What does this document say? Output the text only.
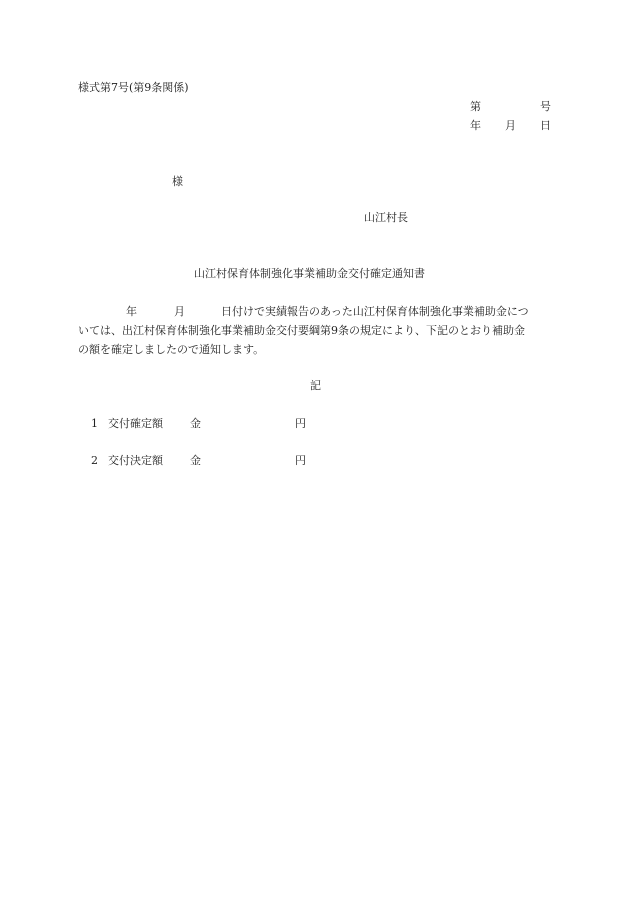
様式第7号(第9条関係)
第	号
年 月 日
様
山江村長
山江村保育体制強化事業補助金交付確定通知書
年	月	日付けで実績報告のあった山江村保育体制強化事業補助金につ
いては、出江村保育体制強化事業補助金交付要綱第9条の規定により、下記のとおり補助金
の額を確定しましたので通知します。
記
1 交付確定額 金	円
2 交付決定額 金	円
